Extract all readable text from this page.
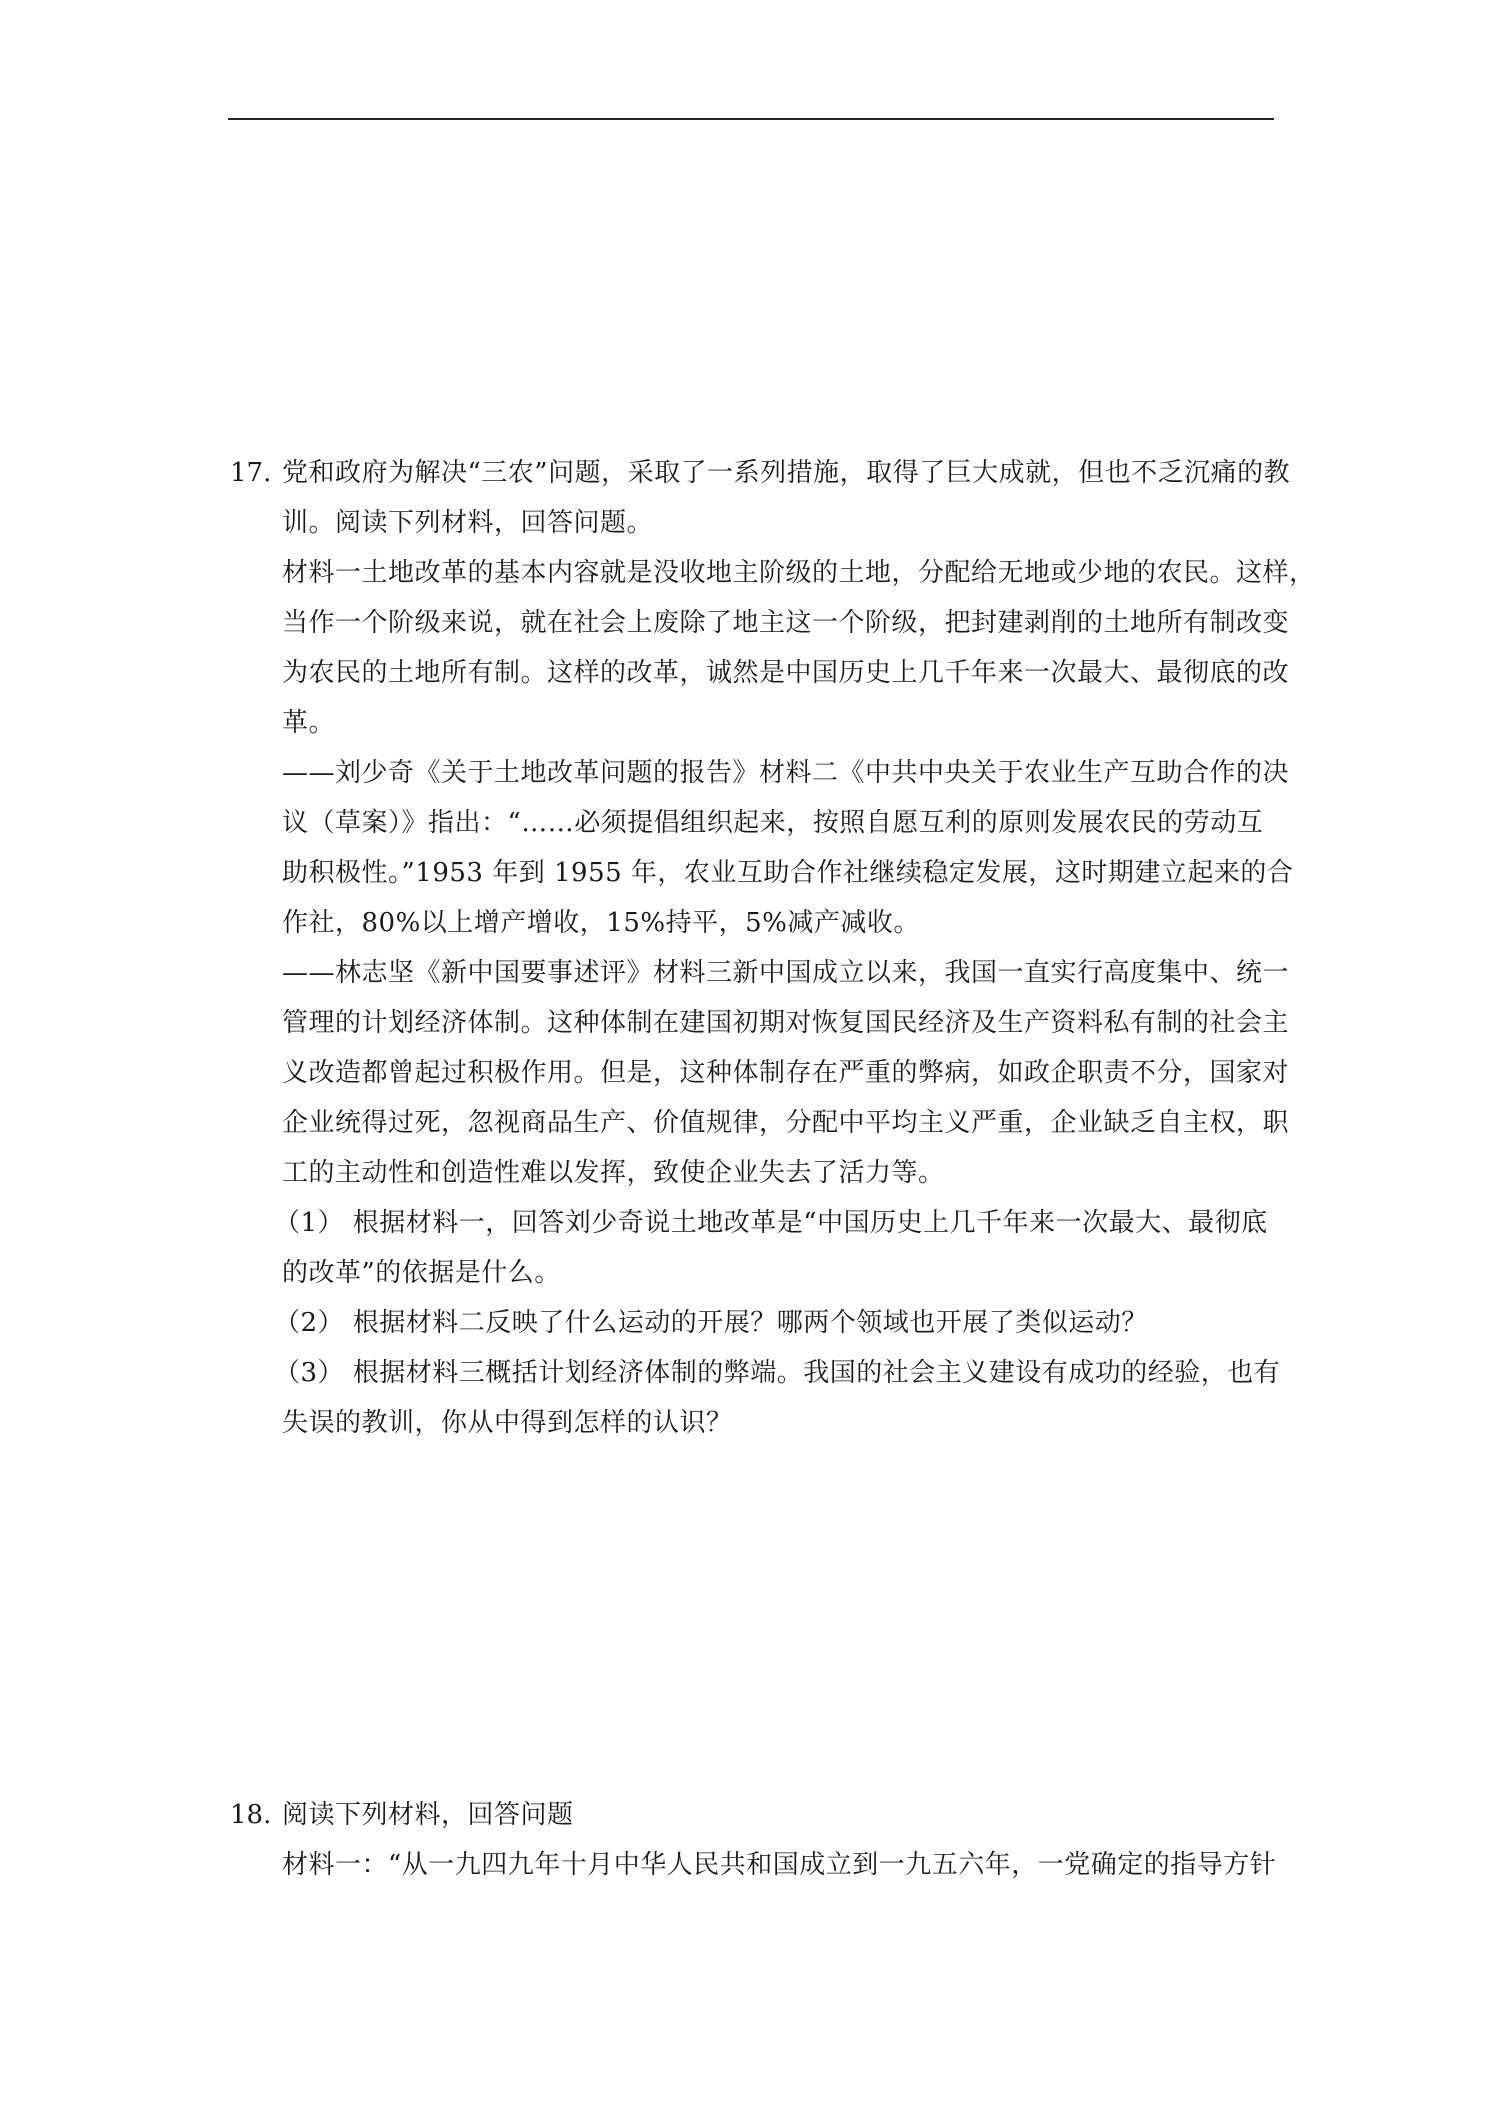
17. 党和政府为解决“三农”问题，采取了一系列措施，取得了巨大成就，但也不乏沉痛的教
训。阅读下列材料，回答问题。
材料一土地改革的基本内容就是没收地主阶级的土地，分配给无地或少地的农民。这样，
当作一个阶级来说，就在社会上废除了地主这一个阶级，把封建剥削的土地所有制改变
为农民的土地所有制。这样的改革，诚然是中国历史上几千年来一次最大、最彻底的改
革。
——刘少奇《关于土地改革问题的报告》材料二《中共中央关于农业生产互助合作的决
议（草案）》指出：“……必须提倡组织起来，按照自愿互利的原则发展农民的劳动互
助积极性。”1953 年到 1955 年，农业互助合作社继续稳定发展，这时期建立起来的合
作社，80%以上增产增收，15%持平，5%减产减收。
——林志坚《新中国要事述评》材料三新中国成立以来，我国一直实行高度集中、统一
管理的计划经济体制。这种体制在建国初期对恢复国民经济及生产资料私有制的社会主
义改造都曾起过积极作用。但是，这种体制存在严重的弊病，如政企职责不分，国家对
企业统得过死，忽视商品生产、价值规律，分配中平均主义严重，企业缺乏自主权，职
工的主动性和创造性难以发挥，致使企业失去了活力等。
（1） 根据材料一，回答刘少奇说土地改革是“中国历史上几千年来一次最大、最彻底
的改革”的依据是什么。
（2） 根据材料二反映了什么运动的开展？哪两个领域也开展了类似运动？
（3） 根据材料三概括计划经济体制的弊端。我国的社会主义建设有成功的经验，也有
失误的教训，你从中得到怎样的认识？
18. 阅读下列材料，回答问题
材料一：“从一九四九年十月中华人民共和国成立到一九五六年，一党确定的指导方针
